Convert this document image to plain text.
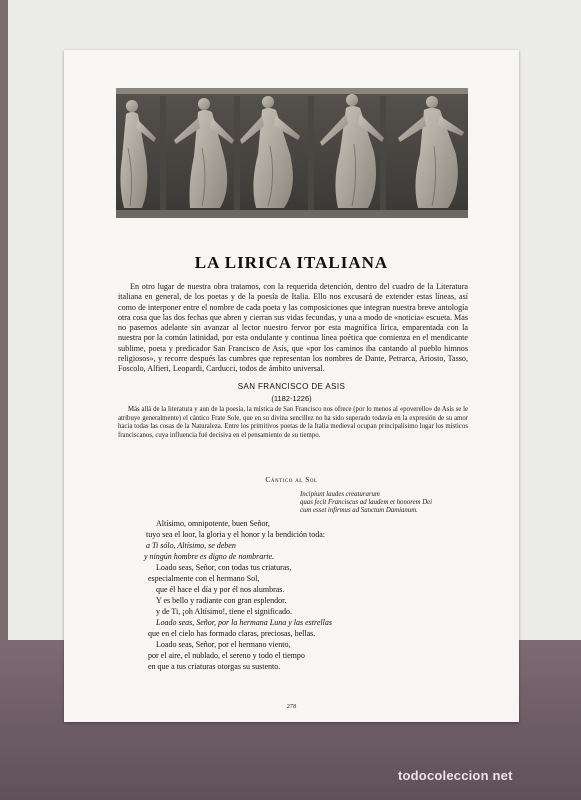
LA LIRICA ITALIANA

En otro lugar de nuestra obra tratamos, con la requerida detención, dentro del cuadro de la Literatura italiana en general, de los poetas y de la poesía de Italia. Ello nos excusará de extender estas líneas, así como de interponer entre el nombre de cada poeta y las composiciones que integran nuestra breve antología otra cosa que las dos fechas que abren y cierran sus vidas fecundas, y una a modo de «noticia» escueta. Mas no pasemos adelante sin avanzar al lector nuestro fervor por esta magnífica lírica, emparentada con la nuestra por la común latinidad, por esta ondulante y continua línea poética que comienza en el mendicante sublime, poeta y predicador San Francisco de Asís, que «por los caminos iba cantando al pueblo himnos religiosos», y recorre después las cumbres que representan los nombres de Dante, Petrarca, Ariosto, Tasso, Foscolo, Alfieri, Leopardi, Carducci, todos de ámbito universal.

SAN FRANCISCO DE ASIS
(1182-1226)

Más allá de la literatura y aun de la poesía, la mística de San Francisco nos ofrece (por lo menos al «poverello» de Asís se le atribuye generalmente) el cántico Frate Sole, que en su divina sencillez no ha sido superado todavía en la expresión de su amor hacia todas las cosas de la Naturaleza. Entre los primitivos poetas de la Italia medieval ocupan principalísimo lugar los místicos franciscanos, cuya influencia fué decisiva en el pensamiento de su tiempo.

Cántico al Sol
Incipiunt laudes creaturarum
quas fecit Franciscus ad laudem et honorem Dei
cum esset infirmus ad Sanctum Damianum.
Altísimo, omnipotente, buen Señor,
tuyo sea el loor, la gloria y el honor y la bendición toda:
a Ti sólo, Altísimo, se deben
y ningún hombre es digno de nombrarte.
Loado seas, Señor, con todas tus criaturas,
especialmente con el hermano Sol,
que él hace el día y por él nos alumbras.
Y es bello y radiante con gran esplendor.
y de Ti, ¡oh Altísimo!, tiene el significado.
Loado seas, Señor, por la hermana Luna y las estrellas
que en el cielo has formado claras, preciosas, bellas.
Loado seas, Señor, por el hermano viento,
por el aire, el nublado, el sereno y todo el tiempo
en que a tus criaturas otorgas su sustento.
278
todocoleccion.net
